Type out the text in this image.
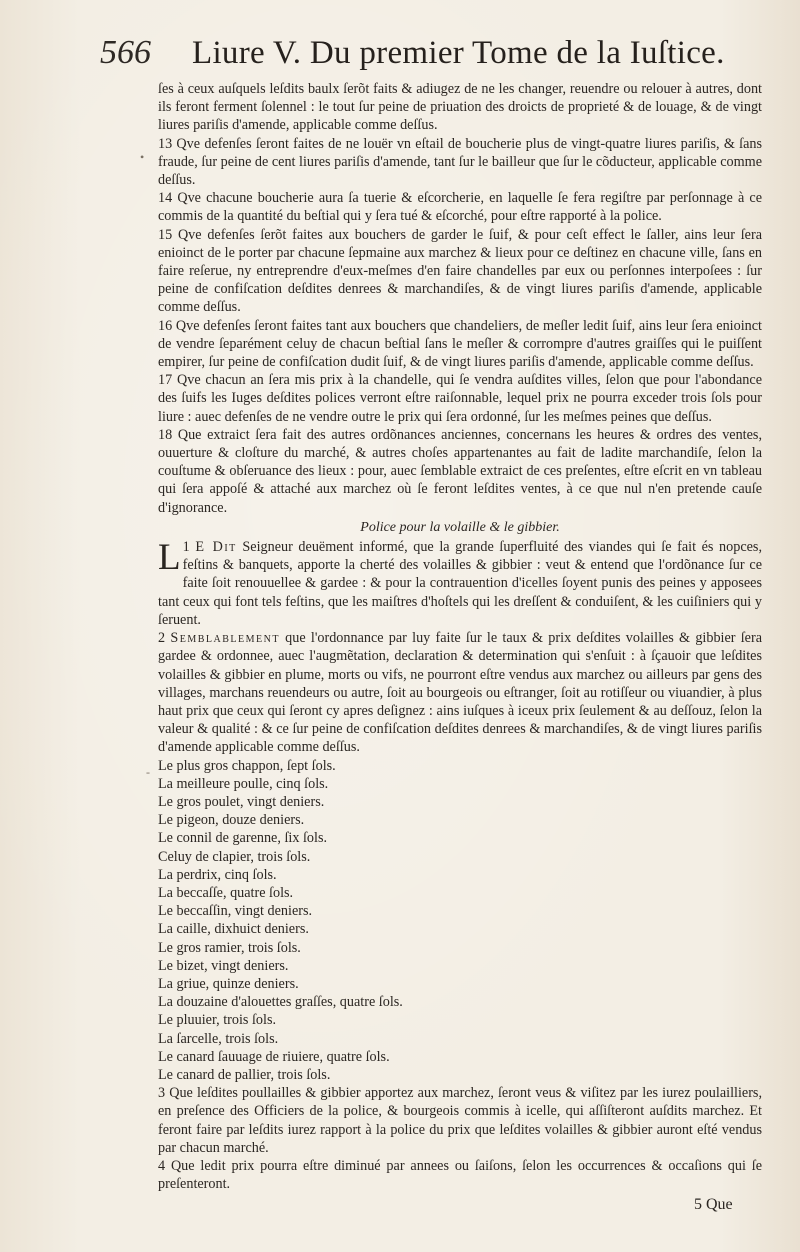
566	Liure V. Du premier Tome de la Iuſtice.

ſes à ceux auſquels leſdits baulx ſerõt faits & adiugez de ne les changer, reuendre ou relouer à autres, dont ils feront ferment ſolennel : le tout ſur peine de priuation des droicts de proprieté & de louage, & de vingt liures pariſis d'amende, applicable comme deſſus.

13 Qve defenſes ſeront faites de ne louër vn eſtail de boucherie plus de vingt-quatre liures pariſis, & ſans fraude, ſur peine de cent liures pariſis d'amende, tant ſur le bailleur que ſur le cõducteur, applicable comme deſſus.

14 Qve chacune boucherie aura ſa tuerie & eſcorcherie, en laquelle ſe fera regiſtre par perſonnage à ce commis de la quantité du beſtial qui y ſera tué & eſcorché, pour eſtre rapporté à la police.

15 Qve defenſes ſerõt faites aux bouchers de garder le ſuif, & pour ceſt effect le ſaller, ains leur ſera enioinct de le porter par chacune ſepmaine aux marchez & lieux pour ce deſtinez en chacune ville, ſans en faire reſerue, ny entreprendre d'eux-meſmes d'en faire chandelles par eux ou perſonnes interpoſees : ſur peine de confiſcation deſdites denrees & marchandiſes, & de vingt liures pariſis d'amende, applicable comme deſſus.

16 Qve defenſes ſeront faites tant aux bouchers que chandeliers, de meſler ledit ſuif, ains leur ſera enioinct de vendre ſeparément celuy de chacun beſtial ſans le meſler & corrompre d'autres graiſſes qui le puiſſent empirer, ſur peine de confiſcation dudit ſuif, & de vingt liures pariſis d'amende, applicable comme deſſus.

17 Qve chacun an ſera mis prix à la chandelle, qui ſe vendra auſdites villes, ſelon que pour l'abondance des ſuifs les Iuges deſdites polices verront eſtre raiſonnable, lequel prix ne pourra exceder trois ſols pour liure : auec defenſes de ne vendre outre le prix qui ſera ordonné, ſur les meſmes peines que deſſus.

18 Que extraict ſera fait des autres ordõnances anciennes, concernans les heures & ordres des ventes, ouuerture & cloſture du marché, & autres choſes appartenantes au fait de ladite marchandiſe, ſelon la couſtume & obſeruance des lieux : pour, auec ſemblable extraict de ces preſentes, eſtre eſcrit en vn tableau qui ſera appoſé & attaché aux marchez où ſe feront leſdites ventes, à ce que nul n'en pretende cauſe d'ignorance.

Police pour la volaille & le gibbier.

1
L E Dit Seigneur deuëment informé, que la grande ſuperfluité des viandes qui ſe fait és nopces, feſtins & banquets, apporte la cherté des volailles & gibbier : veut & entend que l'ordõnance ſur ce faite ſoit renouuellee & gardee : & pour la contrauention d'icelles ſoyent punis des peines y apposees tant ceux qui font tels feſtins, que les maiſtres d'hoſtels qui les dreſſent & conduiſent, & les cuiſiniers qui y ſeruent.

2 Semblablement que l'ordonnance par luy faite ſur le taux & prix deſdites volailles & gibbier ſera gardee & ordonnee, auec l'augmẽtation, declaration & determination qui s'enſuit : à ſçauoir que leſdites volailles & gibbier en plume, morts ou vifs, ne pourront eſtre vendus aux marchez ou ailleurs par gens des villages, marchans reuendeurs ou autre, ſoit au bourgeois ou eſtranger, ſoit au rotiſſeur ou viuandier, à plus haut prix que ceux qui ſeront cy apres deſignez : ains iuſques à iceux prix ſeulement & au deſſouz, ſelon la valeur & qualité : & ce ſur peine de confiſcation deſdites denrees & marchandiſes, & de vingt liures pariſis d'amende applicable comme deſſus.

Le plus gros chappon, ſept ſols.
La meilleure poulle, cinq ſols.
Le gros poulet, vingt deniers.
Le pigeon, douze deniers.
Le connil de garenne, ſix ſols.
Celuy de clapier, trois ſols.
La perdrix, cinq ſols.
La beccaſſe, quatre ſols.
Le beccaſſin, vingt deniers.
La caille, dixhuict deniers.
Le gros ramier, trois ſols.
Le bizet, vingt deniers.
La griue, quinze deniers.
La douzaine d'alouettes graſſes, quatre ſols.
Le pluuier, trois ſols.
La ſarcelle, trois ſols.
Le canard ſauuage de riuiere, quatre ſols.
Le canard de pallier, trois ſols.

3 Que leſdites poullailles & gibbier apportez aux marchez, ſeront veus & viſitez par les iurez poulailliers, en preſence des Officiers de la police, & bourgeois commis à icelle, qui aſſiſteront auſdits marchez. Et feront faire par leſdits iurez rapport à la police du prix que leſdites volailles & gibbier auront eſté vendus par chacun marché.

4 Que ledit prix pourra eſtre diminué par annees ou ſaiſons, ſelon les occurrences & occaſions qui ſe preſenteront.

5 Que
•
-
